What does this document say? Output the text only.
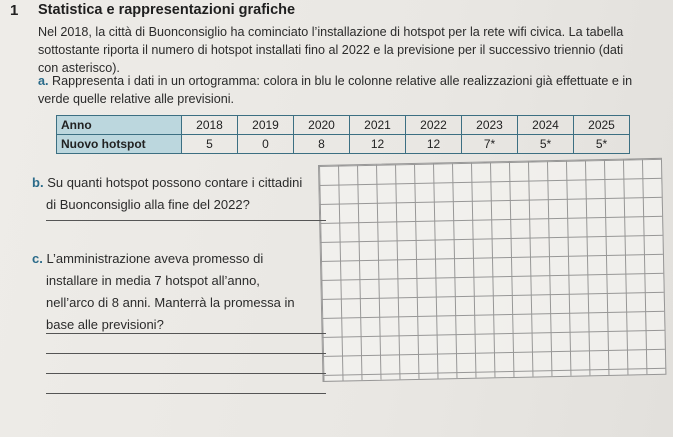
1 Statistica e rappresentazioni grafiche
Nel 2018, la città di Buonconsiglio ha cominciato l’installazione di hotspot per la rete wifi civica. La tabella sottostante riporta il numero di hotspot installati fino al 2022 e la previsione per il successivo triennio (dati con asterisco).
a. Rappresenta i dati in un ortogramma: colora in blu le colonne relative alle realizzazioni già effettuate e in verde quelle relative alle previsioni.
Anno	2018	2019	2020	2021	2022	2023	2024	2025
Nuovo hotspot	5	0	8	12	12	7*	5*	5*
b. Su quanti hotspot possono contare i cittadini
di Buonconsiglio alla fine del 2022?
c. L’amministrazione aveva promesso di
installare in media 7 hotspot all’anno,
nell’arco di 8 anni. Manterrà la promessa in
base alle previsioni?
